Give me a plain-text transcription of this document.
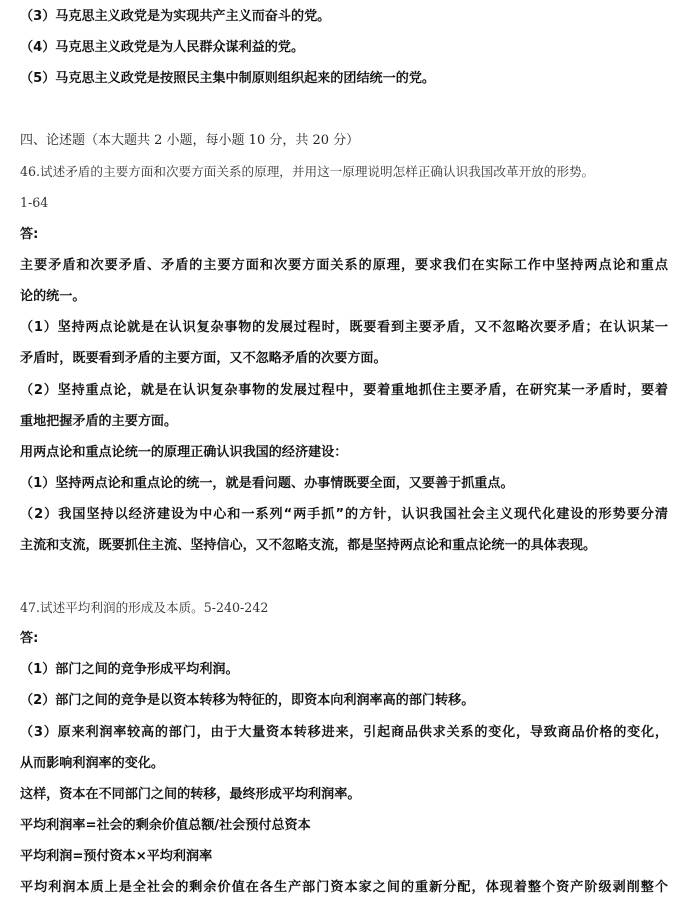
（3）马克思主义政党是为实现共产主义而奋斗的党。
（4）马克思主义政党是为人民群众谋利益的党。
（5）马克思主义政党是按照民主集中制原则组织起来的团结统一的党。
四、论述题（本大题共 2 小题，每小题 10 分，共 20 分）
46.试述矛盾的主要方面和次要方面关系的原理，并用这一原理说明怎样正确认识我国改革开放的形势。
1-64
答:
主要矛盾和次要矛盾、矛盾的主要方面和次要方面关系的原理，要求我们在实际工作中坚持两点论和重点
论的统一。
（1）坚持两点论就是在认识复杂事物的发展过程时，既要看到主要矛盾，又不忽略次要矛盾；在认识某一
矛盾时，既要看到矛盾的主要方面，又不忽略矛盾的次要方面。
（2）坚持重点论，就是在认识复杂事物的发展过程中，要着重地抓住主要矛盾，在研究某一矛盾时，要着
重地把握矛盾的主要方面。
用两点论和重点论统一的原理正确认识我国的经济建设：
（1）坚持两点论和重点论的统一，就是看问题、办事情既要全面，又要善于抓重点。
（2）我国坚持以经济建设为中心和一系列“两手抓”的方针，认识我国社会主义现代化建设的形势要分清
主流和支流，既要抓住主流、坚持信心，又不忽略支流，都是坚持两点论和重点论统一的具体表现。
47.试述平均利润的形成及本质。5-240-242
答:
（1）部门之间的竞争形成平均利润。
（2）部门之间的竞争是以资本转移为特征的，即资本向利润率高的部门转移。
（3）原来利润率较高的部门，由于大量资本转移进来，引起商品供求关系的变化，导致商品价格的变化，
从而影响利润率的变化。
这样，资本在不同部门之间的转移，最终形成平均利润率。
平均利润率=社会的剩余价值总额/社会预付总资本
平均利润=预付资本×平均利润率
平均利润本质上是全社会的剩余价值在各生产部门资本家之间的重新分配，体现着整个资产阶级剥削整个
